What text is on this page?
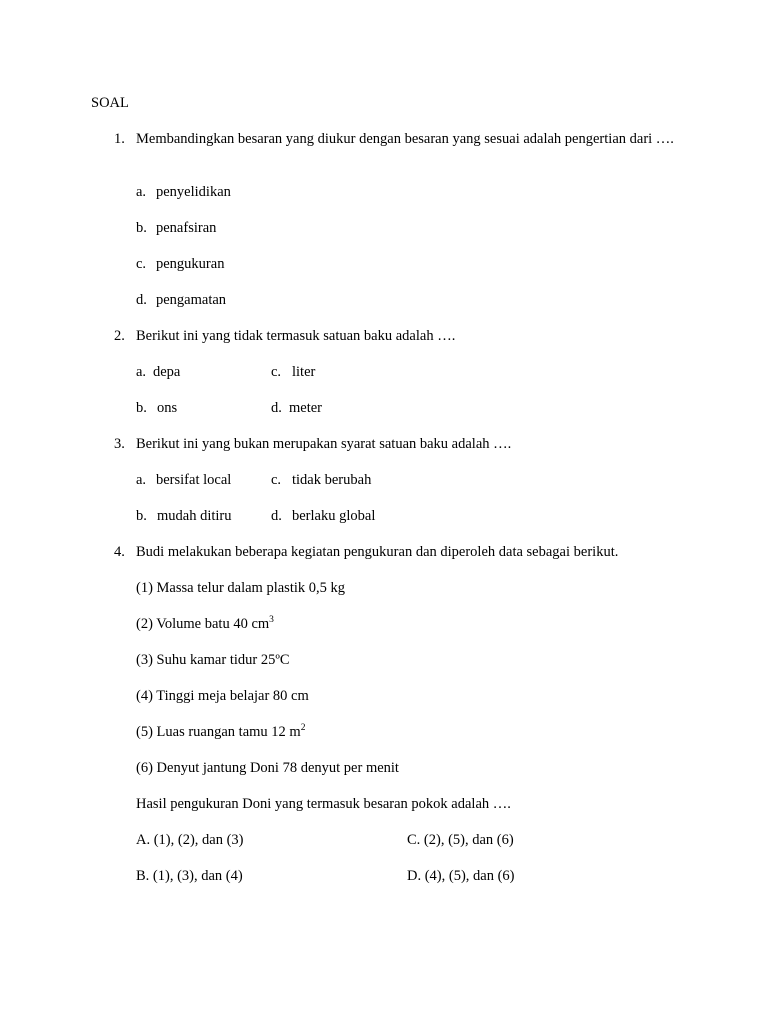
SOAL
1. Membandingkan besaran yang diukur dengan besaran yang sesuai adalah pengertian dari ….
a. penyelidikan
b. penafsiran
c. pengukuran
d. pengamatan
2. Berikut ini yang tidak termasuk satuan baku adalah ….
a. depa	c. liter
b. ons	d. meter
3. Berikut ini yang bukan merupakan syarat satuan baku adalah ….
a. bersifat local	c. tidak berubah
b. mudah ditiru	d. berlaku global
4. Budi melakukan beberapa kegiatan pengukuran dan diperoleh data sebagai berikut.
(1) Massa telur dalam plastik 0,5 kg
(2) Volume batu 40 $cm^3$
(3) Suhu kamar tidur 25ºC
(4) Tinggi meja belajar 80 cm
(5) Luas ruangan tamu 12 $m^2$
(6) Denyut jantung Doni 78 denyut per menit
Hasil pengukuran Doni yang termasuk besaran pokok adalah ….
A. (1), (2), dan (3)	C. (2), (5), dan (6)
B. (1), (3), dan (4)	D. (4), (5), dan (6)
